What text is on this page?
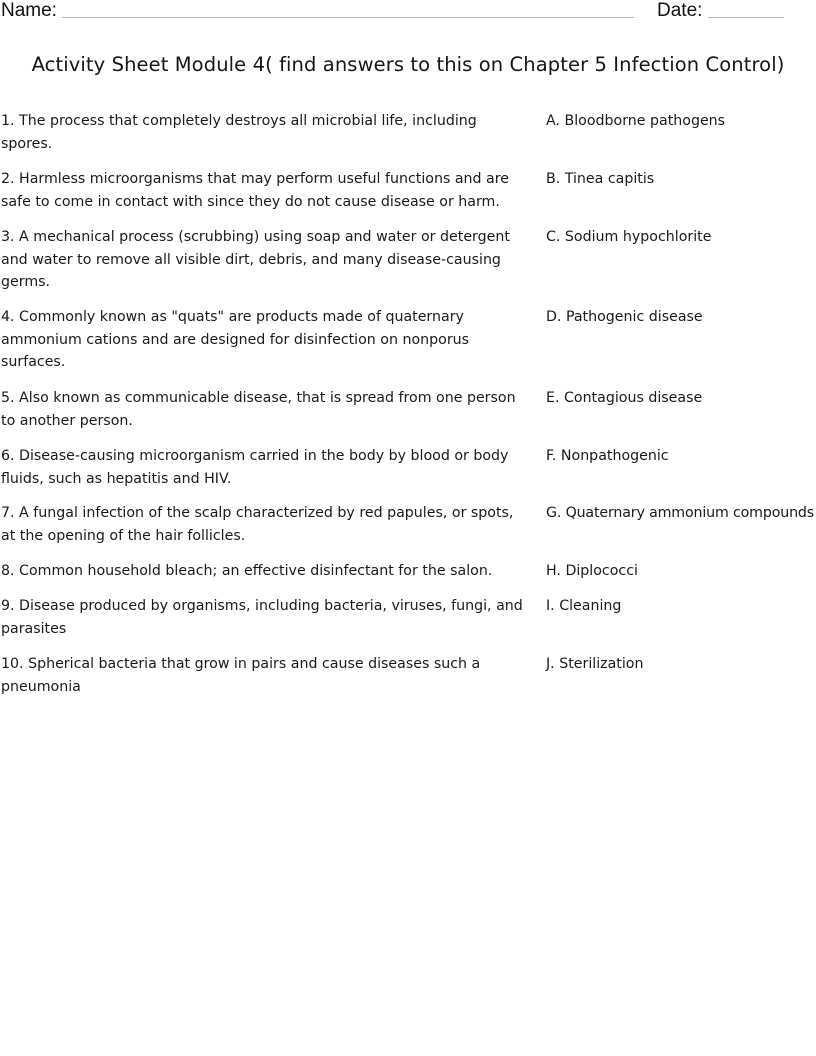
Name:	Date:
Activity Sheet Module 4( find answers to this on Chapter 5 Infection Control)
1. The process that completely destroys all microbial life, including spores.
2. Harmless microorganisms that may perform useful functions and are safe to come in contact with since they do not cause disease or harm.
3. A mechanical process (scrubbing) using soap and water or detergent and water to remove all visible dirt, debris, and many disease-causing germs.
4. Commonly known as "quats" are products made of quaternary ammonium cations and are designed for disinfection on nonporus surfaces.
5. Also known as communicable disease, that is spread from one person to another person.
6. Disease-causing microorganism carried in the body by blood or body fluids, such as hepatitis and HIV.
7. A fungal infection of the scalp characterized by red papules, or spots, at the opening of the hair follicles.
8. Common household bleach; an effective disinfectant for the salon.
9. Disease produced by organisms, including bacteria, viruses, fungi, and parasites
10. Spherical bacteria that grow in pairs and cause diseases such a pneumonia
A. Bloodborne pathogens
B. Tinea capitis
C. Sodium hypochlorite
D. Pathogenic disease
E. Contagious disease
F. Nonpathogenic
G. Quaternary ammonium compounds
H. Diplococci
I. Cleaning
J. Sterilization
